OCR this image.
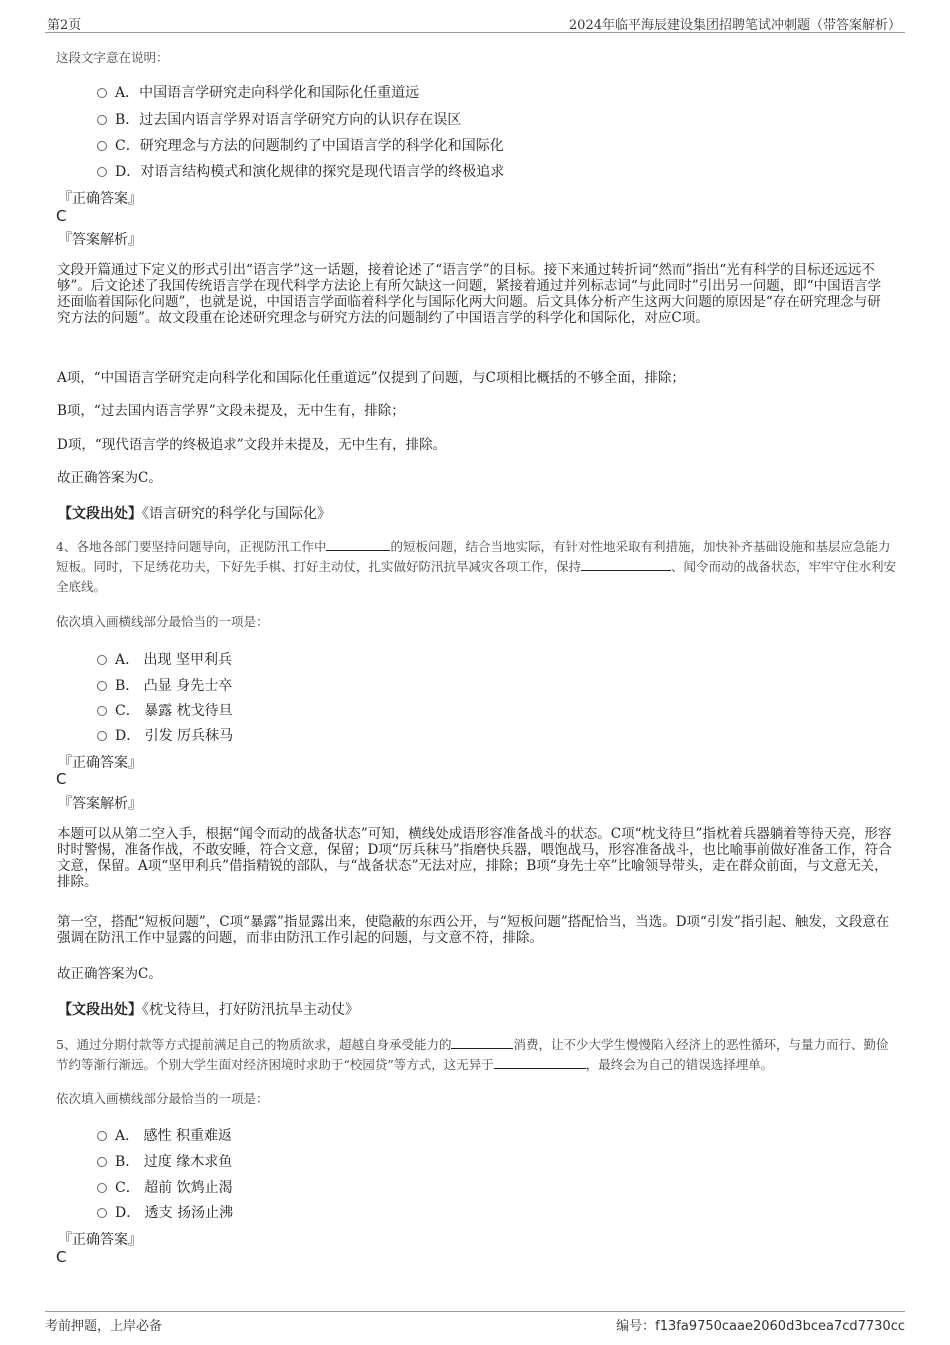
第2页	2024年临平海辰建设集团招聘笔试冲刺题（带答案解析）
这段文字意在说明：
A．中国语言学研究走向科学化和国际化任重道远
B．过去国内语言学界对语言学研究方向的认识存在误区
C．研究理念与方法的问题制约了中国语言学的科学化和国际化
D．对语言结构模式和演化规律的探究是现代语言学的终极追求
『正确答案』
C
『答案解析』
文段开篇通过下定义的形式引出“语言学”这一话题，接着论述了“语言学”的目标。接下来通过转折词“然而”指出“光有科学的目标还远远不够”。后文论述了我国传统语言学在现代科学方法论上有所欠缺这一问题，紧接着通过并列标志词“与此同时”引出另一问题，即“中国语言学还面临着国际化问题”，也就是说，中国语言学面临着科学化与国际化两大问题。后文具体分析产生这两大问题的原因是“存在研究理念与研究方法的问题”。故文段重在论述研究理念与研究方法的问题制约了中国语言学的科学化和国际化，对应C项。
A项，“中国语言学研究走向科学化和国际化任重道远”仅提到了问题，与C项相比概括的不够全面，排除；
B项，“过去国内语言学界”文段未提及，无中生有，排除；
D项，“现代语言学的终极追求”文段并未提及，无中生有，排除。
故正确答案为C。
【文段出处】《语言研究的科学化与国际化》
4、各地各部门要坚持问题导向，正视防汛工作中	的短板问题，结合当地实际，有针对性地采取有利措施，加快补齐基础设施和基层应急能力短板。同时，下足绣花功夫，下好先手棋、打好主动仗，扎实做好防汛抗旱减灾各项工作，保持	、闻令而动的战备状态，牢牢守住水利安全底线。
依次填入画横线部分最恰当的一项是：
A． 出现 坚甲利兵
B． 凸显 身先士卒
C． 暴露 枕戈待旦
D． 引发 厉兵秣马
『正确答案』
C
『答案解析』
本题可以从第二空入手，根据“闻令而动的战备状态”可知，横线处成语形容准备战斗的状态。C项“枕戈待旦”指枕着兵器躺着等待天亮，形容时时警惕，准备作战，不敢安睡，符合文意，保留；D项“厉兵秣马”指磨快兵器，喂饱战马，形容准备战斗，也比喻事前做好准备工作，符合文意，保留。A项“坚甲利兵”借指精锐的部队，与“战备状态”无法对应，排除；B项“身先士卒”比喻领导带头，走在群众前面，与文意无关，排除。
第一空，搭配“短板问题”，C项“暴露”指显露出来，使隐蔽的东西公开，与“短板问题”搭配恰当，当选。D项“引发”指引起、触发，文段意在强调在防汛工作中显露的问题，而非由防汛工作引起的问题，与文意不符，排除。
故正确答案为C。
【文段出处】《枕戈待旦，打好防汛抗旱主动仗》
5、通过分期付款等方式提前满足自己的物质欲求，超越自身承受能力的	消费，让不少大学生慢慢陷入经济上的恶性循环，与量力而行、勤俭节约等渐行渐远。个别大学生面对经济困境时求助于“校园贷”等方式，这无异于	，最终会为自己的错误选择埋单。
依次填入画横线部分最恰当的一项是：
A． 感性 积重难返
B． 过度 缘木求鱼
C． 超前 饮鸩止渴
D． 透支 扬汤止沸
『正确答案』
C
考前押题，上岸必备	编号：f13fa9750caae2060d3bcea7cd7730cc
